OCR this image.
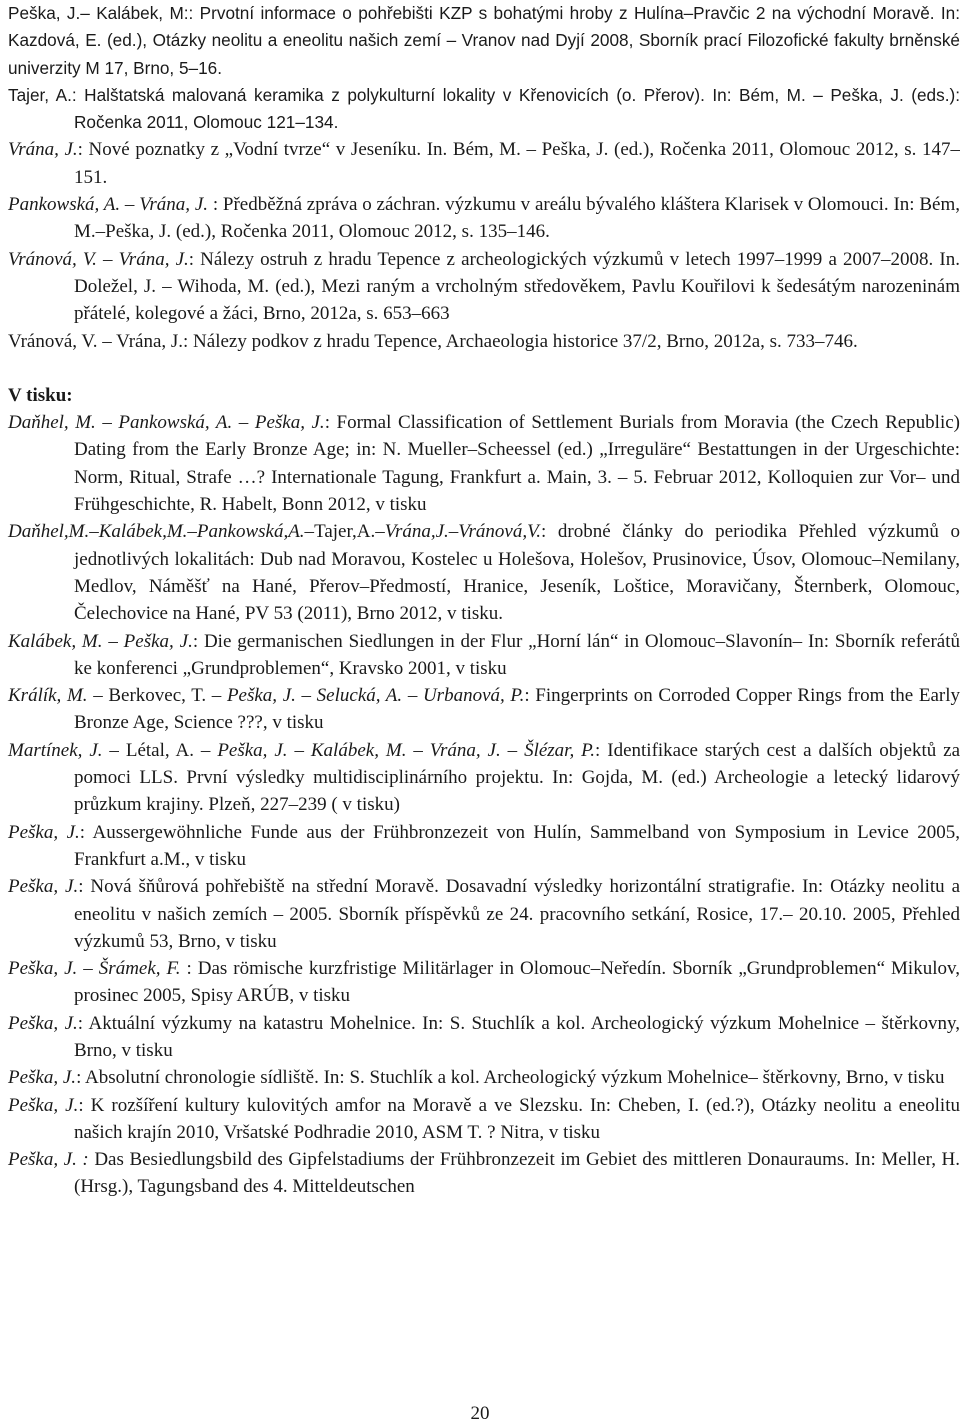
Peška, J.– Kalábek, M:: Prvotní informace o pohřebišti KZP s bohatými hroby z Hulína–Pravčic 2 na východní Moravě. In: Kazdová, E. (ed.), Otázky neolitu a eneolitu našich zemí – Vranov nad Dyjí 2008, Sborník prací Filozofické fakulty brněnské univerzity M 17, Brno, 5–16.

Tajer, A.: Halštatská malovaná keramika z polykulturní lokality v Křenovicích (o. Přerov). In: Bém, M. – Peška, J. (eds.): Ročenka 2011, Olomouc 121–134.

Vrána, J.: Nové poznatky z „Vodní tvrze“ v Jeseníku. In. Bém, M. – Peška, J. (ed.), Ročenka 2011, Olomouc 2012, s. 147–151.

Pankowská, A. – Vrána, J. : Předběžná zpráva o záchran. výzkumu v areálu bývalého kláštera Klarisek v Olomouci. In: Bém, M.–Peška, J. (ed.), Ročenka 2011, Olomouc 2012, s. 135–146.

Vránová, V. – Vrána, J.: Nálezy ostruh z hradu Tepence z archeologických výzkumů v letech 1997–1999 a 2007–2008. In. Doležel, J. – Wihoda, M. (ed.), Mezi raným a vrcholným středověkem, Pavlu Kouřilovi k šedesátým narozeninám přátelé, kolegové a žáci, Brno, 2012a, s. 653–663

Vránová, V. – Vrána, J.: Nálezy podkov z hradu Tepence, Archaeologia historice 37/2, Brno, 2012a, s. 733–746.

V tisku:

Daňhel, M. – Pankowská, A. – Peška, J.: Formal Classification of Settlement Burials from Moravia (the Czech Republic) Dating from the Early Bronze Age; in: N. Mueller–Scheessel (ed.) „Irreguläre“ Bestattungen in der Urgeschichte: Norm, Ritual, Strafe …? Internationale Tagung, Frankfurt a. Main, 3. – 5. Februar 2012, Kolloquien zur Vor– und Frühgeschichte, R. Habelt, Bonn 2012, v tisku

Daňhel,M.–Kalábek,M.–Pankowská,A.–Tajer,A.–Vrána,J.–Vránová,V.: drobné články do periodika Přehled výzkumů o jednotlivých lokalitách: Dub nad Moravou, Kostelec u Holešova, Holešov, Prusinovice, Úsov, Olomouc–Nemilany, Medlov, Náměšť na Hané, Přerov–Předmostí, Hranice, Jeseník, Loštice, Moravičany, Šternberk, Olomouc, Čelechovice na Hané, PV 53 (2011), Brno 2012, v tisku.

Kalábek, M. – Peška, J.: Die germanischen Siedlungen in der Flur „Horní lán“ in Olomouc–Slavonín– In: Sborník referátů ke konferenci „Grundproblemen“, Kravsko 2001, v tisku

Králík, M. – Berkovec, T. – Peška, J. – Selucká, A. – Urbanová, P.: Fingerprints on Corroded Copper Rings from the Early Bronze Age, Science ???, v tisku

Martínek, J. – Létal, A. – Peška, J. – Kalábek, M. – Vrána, J. – Šlézar, P.: Identifikace starých cest a dalších objektů za pomoci LLS. První výsledky multidisciplinárního projektu. In: Gojda, M. (ed.) Archeologie a letecký lidarový průzkum krajiny. Plzeň, 227–239 ( v tisku)

Peška, J.: Aussergewöhnliche Funde aus der Frühbronzezeit von Hulín, Sammelband von Symposium in Levice 2005, Frankfurt a.M., v tisku

Peška, J.: Nová šňůrová pohřebiště na střední Moravě. Dosavadní výsledky horizontální stratigrafie. In: Otázky neolitu a eneolitu v našich zemích – 2005. Sborník příspěvků ze 24. pracovního setkání, Rosice, 17.– 20.10. 2005, Přehled výzkumů 53, Brno, v tisku

Peška, J. – Šrámek, F. : Das römische kurzfristige Militärlager in Olomouc–Neředín. Sborník „Grundproblemen“ Mikulov, prosinec 2005, Spisy ARÚB, v tisku

Peška, J.: Aktuální výzkumy na katastru Mohelnice. In: S. Stuchlík a kol. Archeologický výzkum Mohelnice – štěrkovny, Brno, v tisku

Peška, J.: Absolutní chronologie sídliště. In: S. Stuchlík a kol. Archeologický výzkum Mohelnice– štěrkovny, Brno, v tisku

Peška, J.: K rozšíření kultury kulovitých amfor na Moravě a ve Slezsku. In: Cheben, I. (ed.?), Otázky neolitu a eneolitu našich krajín 2010, Vršatské Podhradie 2010, ASM T. ? Nitra, v tisku

Peška, J. : Das Besiedlungsbild des Gipfelstadiums der Frühbronzezeit im Gebiet des mittleren Donauraums. In: Meller, H. (Hrsg.), Tagungsband des 4. Mitteldeutschen

20
